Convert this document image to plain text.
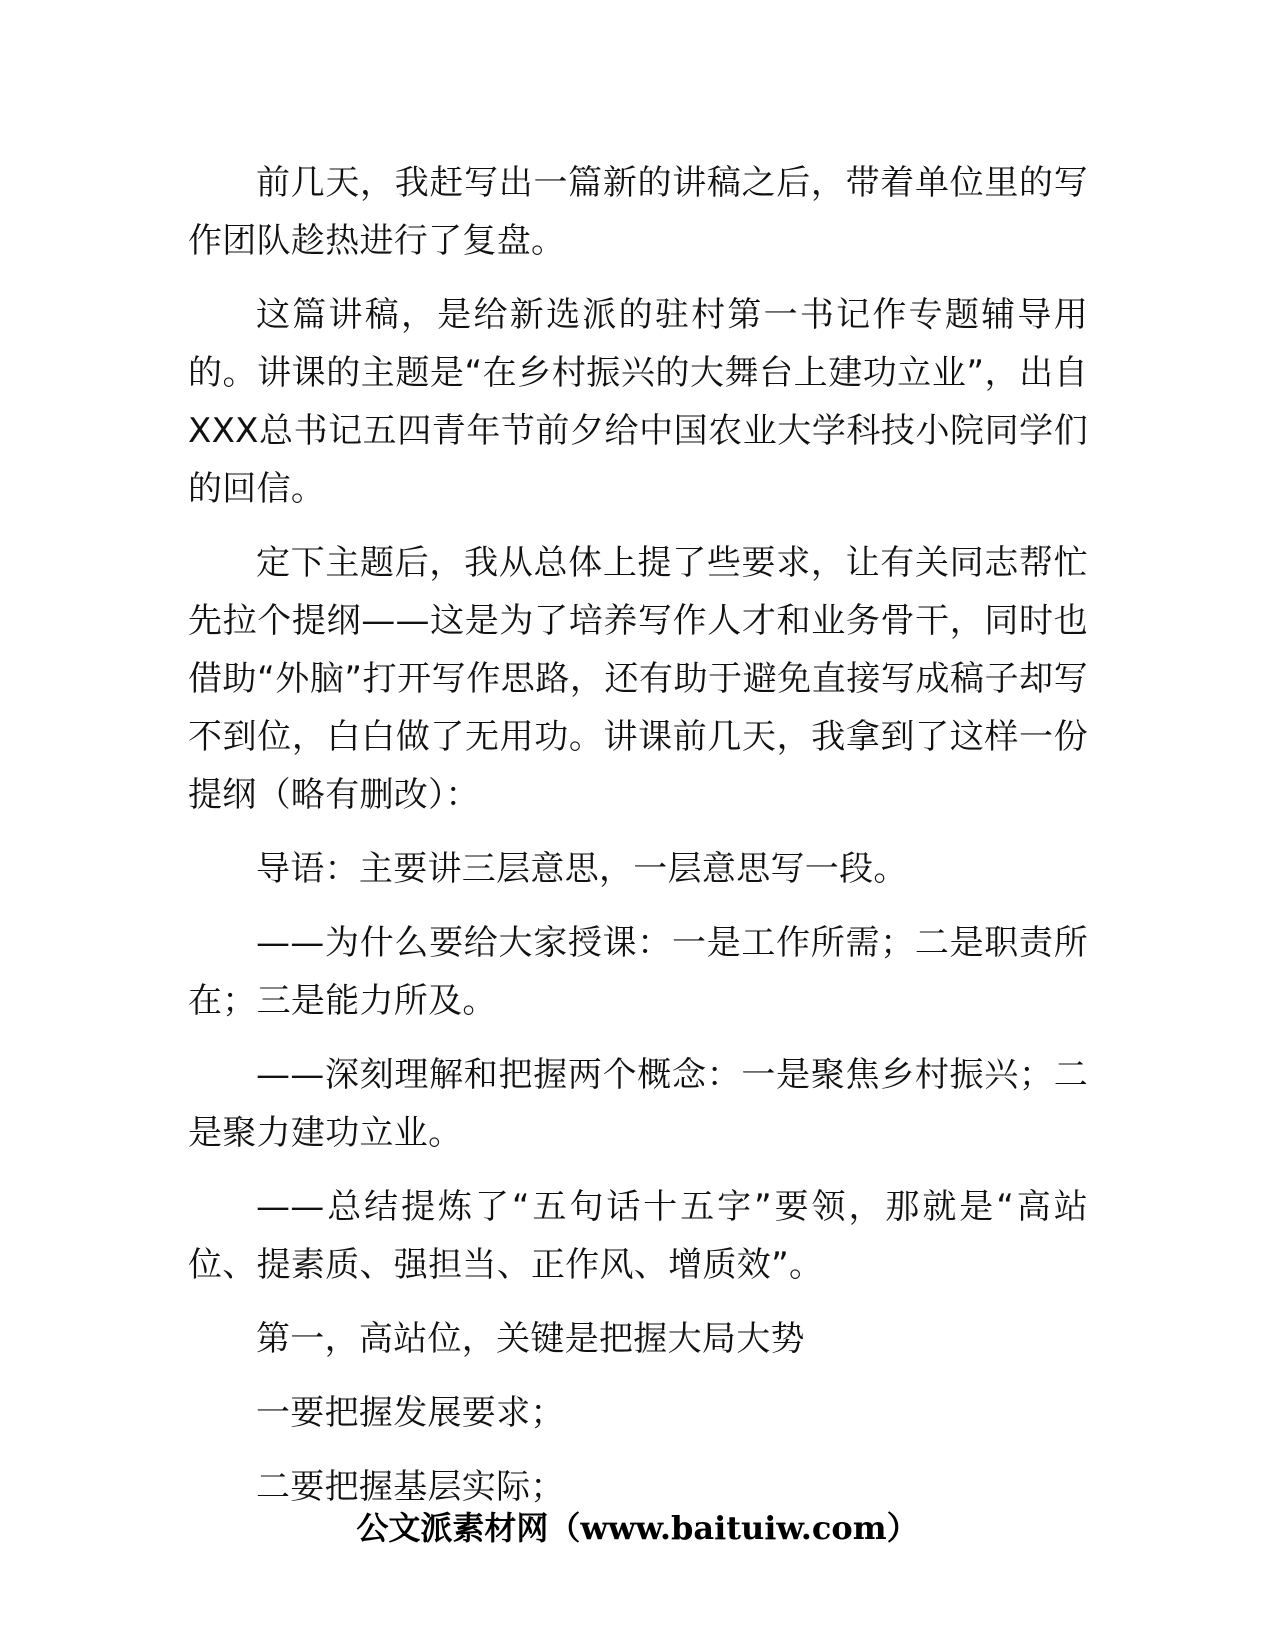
前几天，我赶写出一篇新的讲稿之后，带着单位里的写作团队趁热进行了复盘。

这篇讲稿，是给新选派的驻村第一书记作专题辅导用的。讲课的主题是“在乡村振兴的大舞台上建功立业”，出自XXX总书记五四青年节前夕给中国农业大学科技小院同学们的回信。

定下主题后，我从总体上提了些要求，让有关同志帮忙先拉个提纲——这是为了培养写作人才和业务骨干，同时也借助“外脑”打开写作思路，还有助于避免直接写成稿子却写不到位，白白做了无用功。讲课前几天，我拿到了这样一份提纲（略有删改）：

导语：主要讲三层意思，一层意思写一段。

——为什么要给大家授课：一是工作所需；二是职责所在；三是能力所及。

——深刻理解和把握两个概念：一是聚焦乡村振兴；二是聚力建功立业。

——总结提炼了“五句话十五字”要领，那就是“高站位、提素质、强担当、正作风、增质效”。

第一，高站位，关键是把握大局大势

一要把握发展要求；

二要把握基层实际；

公文派素材网（www.baituiw.com）
